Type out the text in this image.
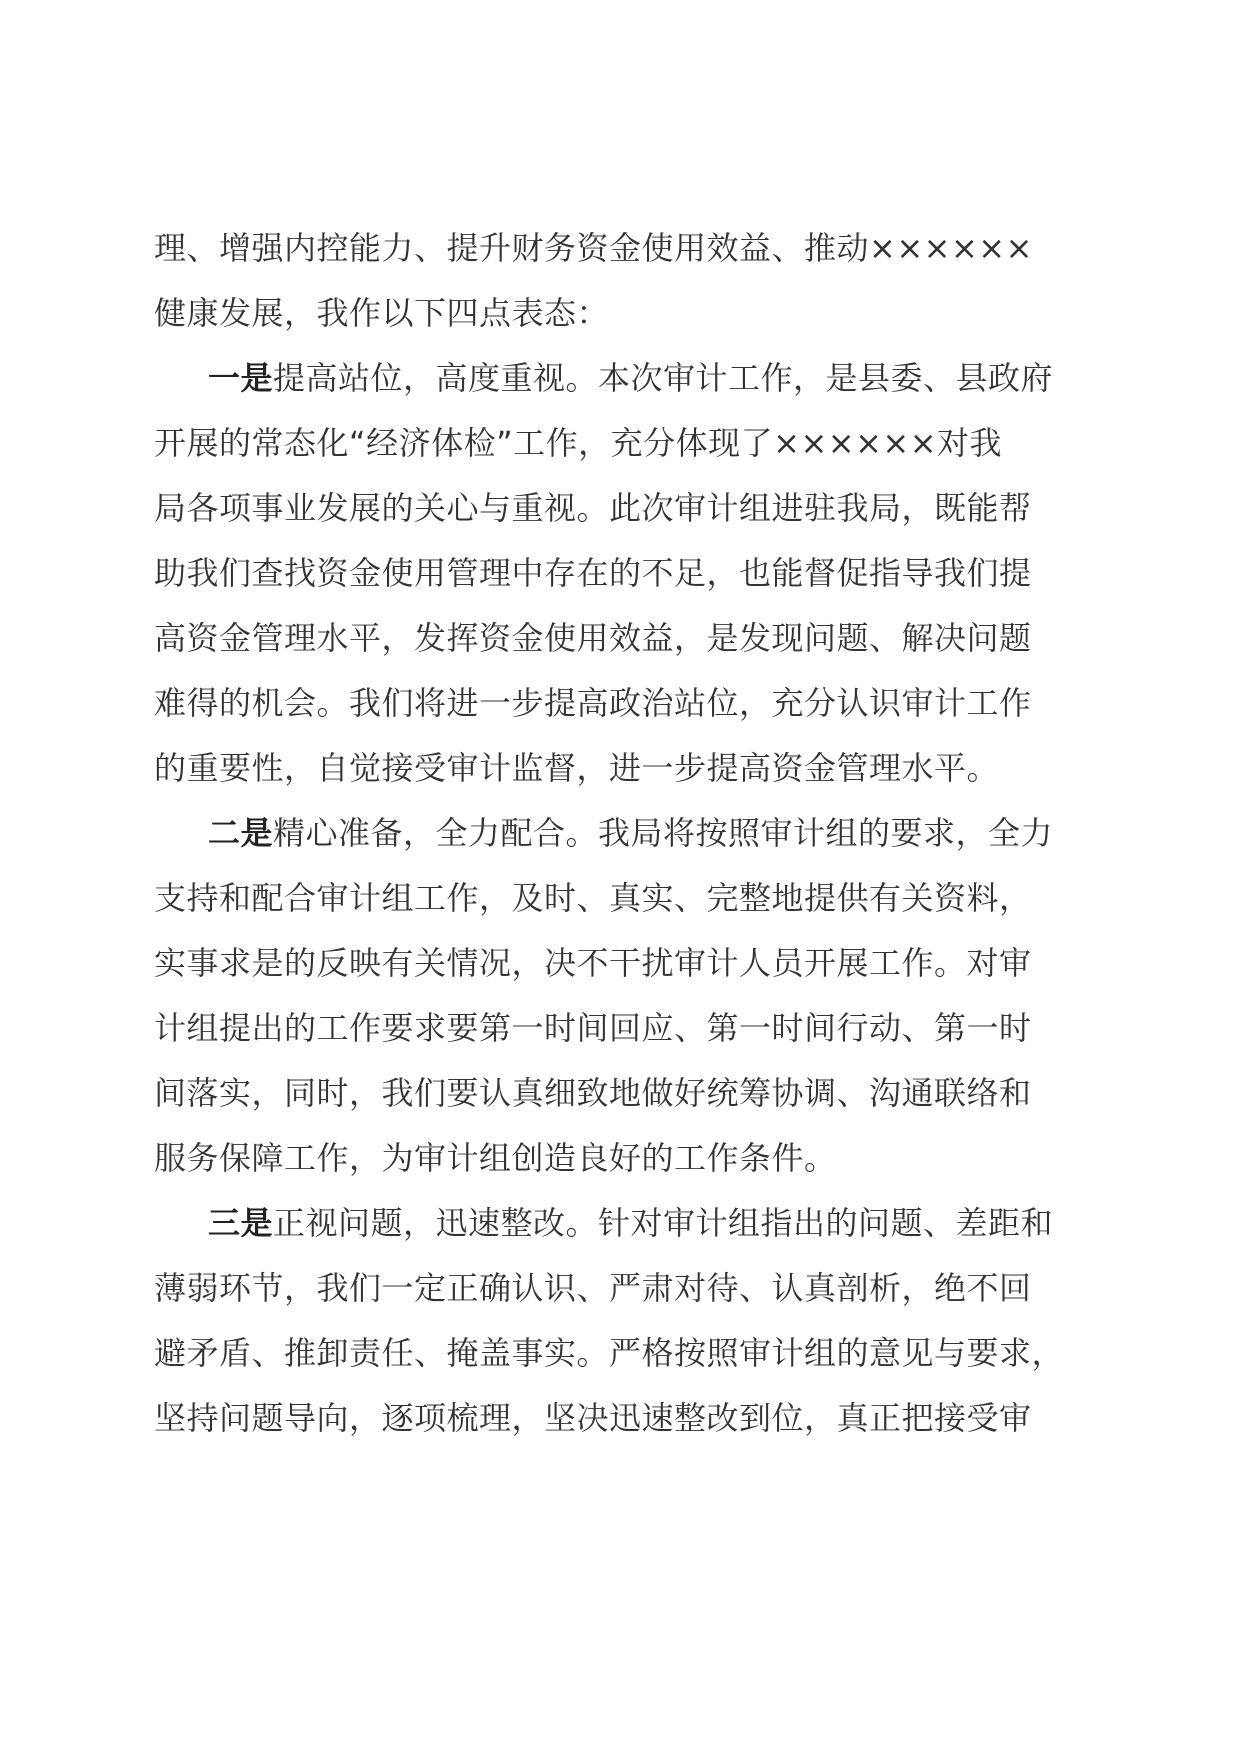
理、增强内控能力、提升财务资金使用效益、推动××××××
健康发展，我作以下四点表态：

一是提高站位，高度重视。本次审计工作，是县委、县政府
开展的常态化“经济体检”工作，充分体现了××××××对我
局各项事业发展的关心与重视。此次审计组进驻我局，既能帮
助我们查找资金使用管理中存在的不足，也能督促指导我们提
高资金管理水平，发挥资金使用效益，是发现问题、解决问题
难得的机会。我们将进一步提高政治站位，充分认识审计工作
的重要性，自觉接受审计监督，进一步提高资金管理水平。

二是精心准备，全力配合。我局将按照审计组的要求，全力
支持和配合审计组工作，及时、真实、完整地提供有关资料，
实事求是的反映有关情况，决不干扰审计人员开展工作。对审
计组提出的工作要求要第一时间回应、第一时间行动、第一时
间落实，同时，我们要认真细致地做好统筹协调、沟通联络和
服务保障工作，为审计组创造良好的工作条件。

三是正视问题，迅速整改。针对审计组指出的问题、差距和
薄弱环节，我们一定正确认识、严肃对待、认真剖析，绝不回
避矛盾、推卸责任、掩盖事实。严格按照审计组的意见与要求，
坚持问题导向，逐项梳理，坚决迅速整改到位，真正把接受审
